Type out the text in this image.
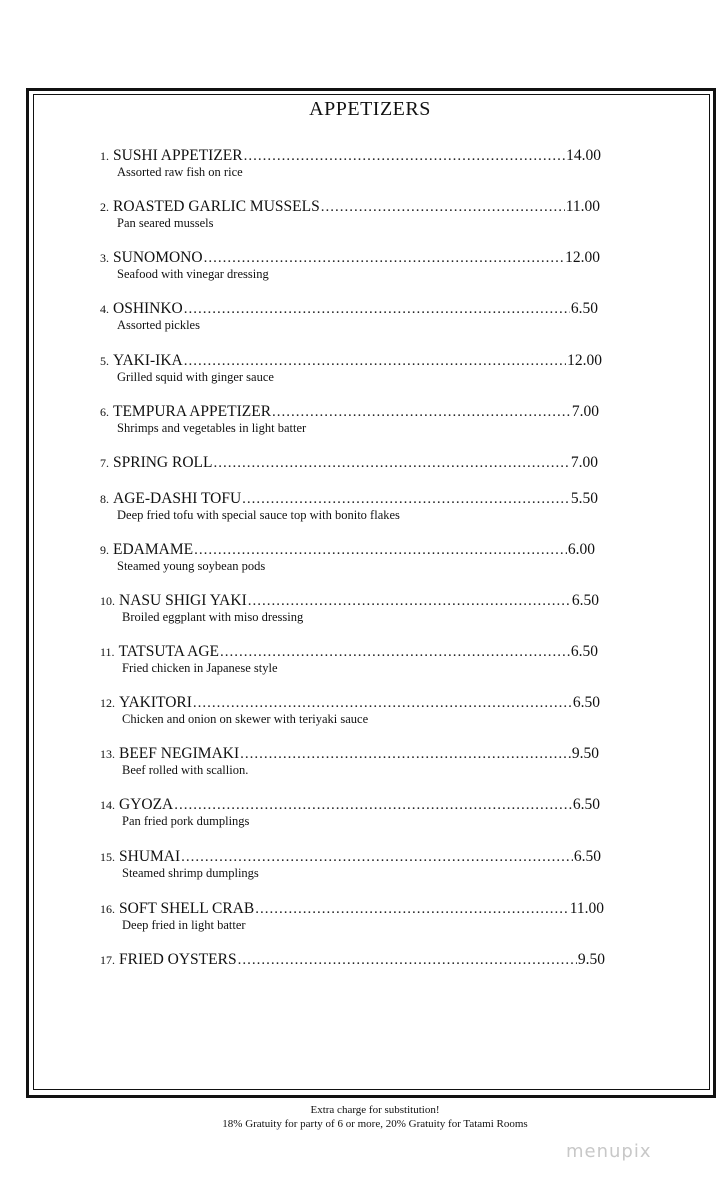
APPETIZERS
1. SUSHI APPETIZER .....	14.00
Assorted raw fish on rice
2. ROASTED GARLIC MUSSELS .....	11.00
Pan seared mussels
3. SUNOMONO .....	12.00
Seafood with vinegar dressing
4. OSHINKO .....	6.50
Assorted pickles
5. YAKI-IKA .....	12.00
Grilled squid with ginger sauce
6. TEMPURA APPETIZER .....	7.00
Shrimps and vegetables in light batter
7. SPRING ROLL .....	7.00
8. AGE-DASHI TOFU .....	5.50
Deep fried tofu with special sauce top with bonito flakes
9. EDAMAME .....	6.00
Steamed young soybean pods
10. NASU SHIGI YAKI .....	6.50
Broiled eggplant with miso dressing
11. TATSUTA AGE .....	6.50
Fried chicken in Japanese style
12. YAKITORI .....	6.50
Chicken and onion on skewer with teriyaki sauce
13. BEEF NEGIMAKI .....	9.50
Beef rolled with scallion.
14. GYOZA .....	6.50
Pan fried pork dumplings
15. SHUMAI .....	6.50
Steamed shrimp dumplings
16. SOFT SHELL CRAB .....	11.00
Deep fried in light batter
17. FRIED OYSTERS .....	9.50
Extra charge for substitution!
18% Gratuity for party of 6 or more, 20% Gratuity for Tatami Rooms
menupix
